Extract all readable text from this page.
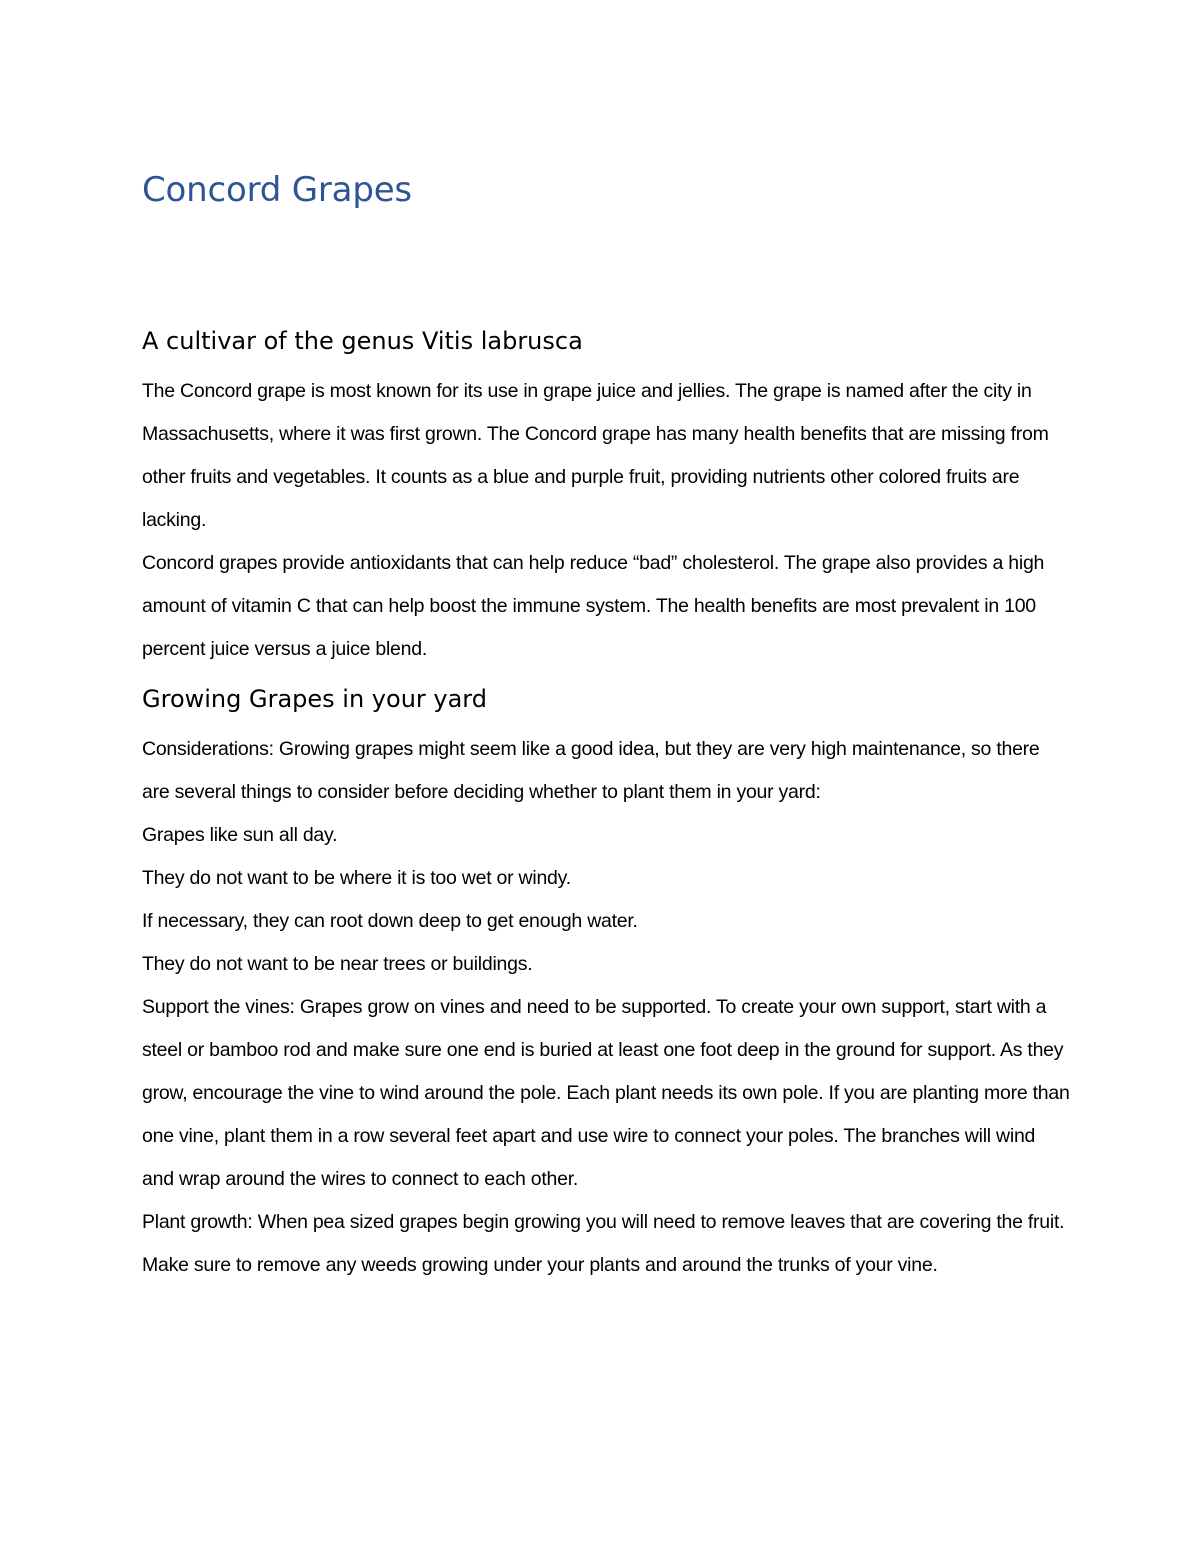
Concord Grapes
A cultivar of the genus Vitis labrusca

The Concord grape is most known for its use in grape juice and jellies. The grape is named after the city in Massachusetts, where it was first grown. The Concord grape has many health benefits that are missing from other fruits and vegetables. It counts as a blue and purple fruit, providing nutrients other colored fruits are lacking.

Concord grapes provide antioxidants that can help reduce “bad” cholesterol. The grape also provides a high amount of vitamin C that can help boost the immune system. The health benefits are most prevalent in 100 percent juice versus a juice blend.

Growing Grapes in your yard

Considerations: Growing grapes might seem like a good idea, but they are very high maintenance, so there are several things to consider before deciding whether to plant them in your yard:

Grapes like sun all day.

They do not want to be where it is too wet or windy.

If necessary, they can root down deep to get enough water.

They do not want to be near trees or buildings.

Support the vines: Grapes grow on vines and need to be supported. To create your own support, start with a steel or bamboo rod and make sure one end is buried at least one foot deep in the ground for support. As they grow, encourage the vine to wind around the pole. Each plant needs its own pole. If you are planting more than one vine, plant them in a row several feet apart and use wire to connect your poles. The branches will wind and wrap around the wires to connect to each other.

Plant growth: When pea sized grapes begin growing you will need to remove leaves that are covering the fruit. Make sure to remove any weeds growing under your plants and around the trunks of your vine.
